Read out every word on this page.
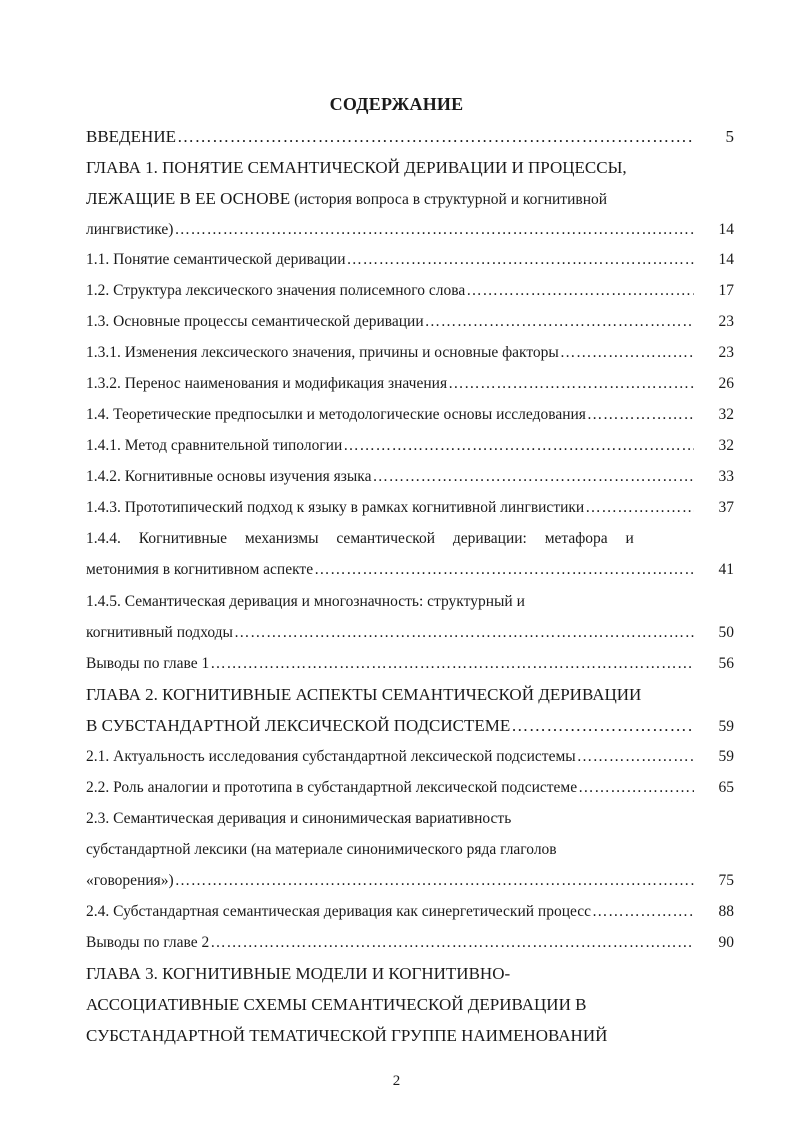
СОДЕРЖАНИЕ
ВВЕДЕНИЕ ………………………………………………………………………………………………………………………………………………………………………………………………………………………………	5
ГЛАВА 1. ПОНЯТИЕ СЕМАНТИЧЕСКОЙ ДЕРИВАЦИИ И ПРОЦЕССЫ,
ЛЕЖАЩИЕ В ЕЕ ОСНОВЕ (история вопроса в структурной и когнитивной
лингвистике) ………………………………………………………………………………………………………………………………………………………………………………………………………………………………	14
1.1. Понятие семантической деривации ………………………………………………………………………………………………………………………………………………………………………………………………………………………………	14
1.2. Структура лексического значения полисемного слова ………………………………………………………………………………………………………………………………………………………………………………………………………………………………	17
1.3. Основные процессы семантической деривации ………………………………………………………………………………………………………………………………………………………………………………………………………………………………	23
1.3.1. Изменения лексического значения, причины и основные факторы ………………………………………………………………………………………………………………………………………………………………………………………………………………………………	23
1.3.2. Перенос наименования и модификация значения ………………………………………………………………………………………………………………………………………………………………………………………………………………………………	26
1.4. Теоретические предпосылки и методологические основы исследования ………………………………………………………………………………………………………………………………………………………………………………………………………………………………	32
1.4.1. Метод сравнительной типологии ………………………………………………………………………………………………………………………………………………………………………………………………………………………………	32
1.4.2. Когнитивные основы изучения языка ………………………………………………………………………………………………………………………………………………………………………………………………………………………………	33
1.4.3. Прототипический подход к языку в рамках когнитивной лингвистики ………………………………………………………………………………………………………………………………………………………………………………………………………………………………	37
1.4.4. Когнитивные механизмы семантической деривации: метафора и
метонимия в когнитивном аспекте ………………………………………………………………………………………………………………………………………………………………………………………………………………………………	41
1.4.5. Семантическая деривация и многозначность: структурный и
когнитивный подходы ………………………………………………………………………………………………………………………………………………………………………………………………………………………………	50
Выводы по главе 1 ………………………………………………………………………………………………………………………………………………………………………………………………………………………………	56
ГЛАВА 2. КОГНИТИВНЫЕ АСПЕКТЫ СЕМАНТИЧЕСКОЙ ДЕРИВАЦИИ
В СУБСТАНДАРТНОЙ ЛЕКСИЧЕСКОЙ ПОДСИСТЕМЕ ………………………………………………………………………………………………………………………………………………………………………………………………………………………………	59
2.1. Актуальность исследования субстандартной лексической подсистемы ………………………………………………………………………………………………………………………………………………………………………………………………………………………………	59
2.2. Роль аналогии и прототипа в субстандартной лексической подсистеме ………………………………………………………………………………………………………………………………………………………………………………………………………………………………	65
2.3. Семантическая деривация и синонимическая вариативность
субстандартной лексики (на материале синонимического ряда глаголов
«говорения») ………………………………………………………………………………………………………………………………………………………………………………………………………………………………	75
2.4. Субстандартная семантическая деривация как синергетический процесс ………………………………………………………………………………………………………………………………………………………………………………………………………………………………	88
Выводы по главе 2 ………………………………………………………………………………………………………………………………………………………………………………………………………………………………	90
ГЛАВА 3. КОГНИТИВНЫЕ МОДЕЛИ И КОГНИТИВНО-
АССОЦИАТИВНЫЕ СХЕМЫ СЕМАНТИЧЕСКОЙ ДЕРИВАЦИИ В
СУБСТАНДАРТНОЙ ТЕМАТИЧЕСКОЙ ГРУППЕ НАИМЕНОВАНИЙ
2
